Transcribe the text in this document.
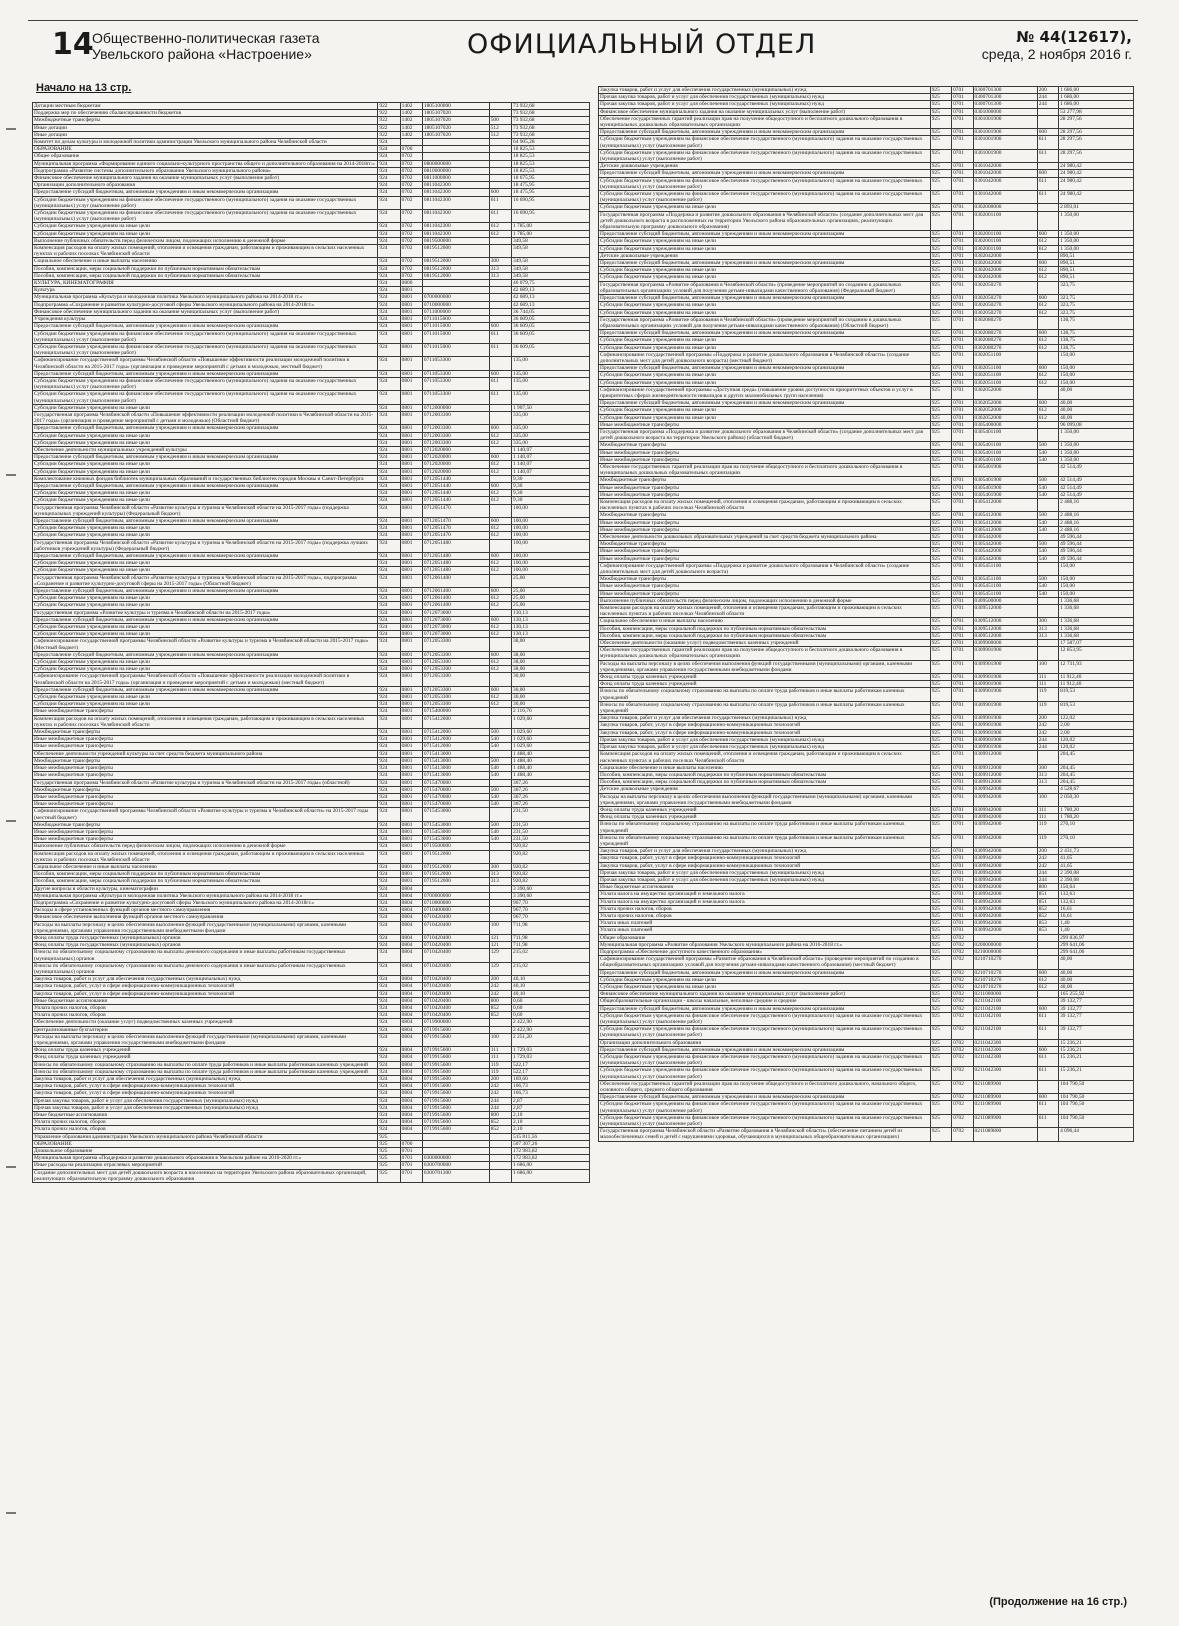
14
Общественно-политическая газета
Увельского района «Настроение»	ОФИЦИАЛЬНЫЙ ОТДЕЛ	№ 44(12617),
среда, 2 ноября 2016 г.
Начало на 13 стр.
Дотации местным бюджетам	922	1402	1805100000		73 932,68
Поддержка мер по обеспечению сбалансированности бюджетов	922	1402	1805107020		73 932,68
Межбюджетные трансферты	922	1402	1805107020	500	73 932,68
Иные дотации	922	1402	1805107020	512	73 932,68
Иные дотации	922	1402	1805107020	512	73 932,68
Комитет по делам культуры и молодежной политики администрации Увельского муниципального района Челябинской области	924				64 905,28
ОБРАЗОВАНИЕ	924	0700			18 825,53
Общее образование	924	0702			18 825,53
Муниципальная программа «Формирование единого социально-культурного пространства общего и дополнительного образования на 2014-2018гг.»	924	0702	0800000000		18 825,53
Подпрограмма «Развитие системы дополнительного образования Увельского муниципального района»	924	0702	0810000000		18 825,53
Финансовое обеспечение муниципального задания на оказание муниципальных услуг (выполнение работ)	924	0702	0811000000		18 675,95
Организации дополнительного образования	924	0702	0811042300		18 475,95
Предоставление субсидий бюджетным, автономным учреждениям и иным некоммерческим организациям	924	0702	0811042300	600	18 475,95
Субсидии бюджетным учреждениям на финансовое обеспечение государственного (муниципального) задания на оказание государственных (муниципальных) услуг (выполнение работ)	924	0702	0811042300	611	16 690,95
Субсидии бюджетным учреждениям на финансовое обеспечение государственного (муниципального) задания на оказание государственных (муниципальных) услуг (выполнение работ)	924	0702	0811042300	611	16 690,95
Субсидии бюджетным учреждениям на иные цели	924	0702	0811042300	612	1 785,00
Субсидии бюджетным учреждениям на иные цели	924	0702	0811042300	612	1 785,00
Выполнение публичных обязательств перед физическим лицом, подлежащих исполнению в денежной форме	924	0702	0819500000		349,58
Компенсация расходов на оплату жилых помещений, отопления и освещения гражданам, работающим и проживающим в сельских населенных пунктах и рабочих поселках Челябинской области	924	0702	0819512000		349,58
Социальное обеспечение и иные выплаты населению	924	0702	0819512000	300	349,58
Пособия, компенсации, меры социальной поддержки по публичным нормативным обязательствам	924	0702	0819512000	313	349,58
Пособия, компенсации, меры социальной поддержки по публичным нормативным обязательствам	924	0702	0819512000	313	349,58
КУЛЬТУРА, КИНЕМАТОГРАФИЯ	924	0800			46 079,75
Культура	924	0801			42 689,13
Муниципальная программа «Культура и молодежная политика Увельского муниципального района на 2014-2018 гг.»	924	0801	0700000000		42 689,13
Подпрограмма «Сохранение и развитие культурно-досуговой сферы Увельского муниципального района на 2014-2018гг.»	924	0801	0710000000		42 689,13
Финансовое обеспечение муниципального задания на оказание муниципальных услуг (выполнение работ)	924	0801	0711000000		36 744,05
Учреждения культуры	924	0801	0711015000		36 609,05
Предоставление субсидий бюджетным, автономным учреждениям и иным некоммерческим организациям	924	0801	0711015000	600	36 609,05
Субсидии бюджетным учреждениям на финансовое обеспечение государственного (муниципального) задания на оказание государственных (муниципальных) услуг (выполнение работ)	924	0801	0711015000	611	36 609,05
Субсидии бюджетным учреждениям на финансовое обеспечение государственного (муниципального) задания на оказание государственных (муниципальных) услуг (выполнение работ)	924	0801	0711015000	611	36 609,05
Софинансирование государственной программы Челябинской области «Повышение эффективности реализации молодежной политики в Челябинской области на 2015-2017 годы» (организация и проведение мероприятий с детьми и молодежью, местный бюджет)	924	0801	0711053300		135,00
Предоставление субсидий бюджетным, автономным учреждениям и иным некоммерческим организациям	924	0801	0711053300	600	135,00
Субсидии бюджетным учреждениям на финансовое обеспечение государственного (муниципального) задания на оказание государственных (муниципальных) услуг (выполнение работ)	924	0801	0711053300	611	135,00
Субсидии бюджетным учреждениям на финансовое обеспечение государственного (муниципального) задания на оказание государственных (муниципальных) услуг (выполнение работ)	924	0801	0711053300	611	135,00
Субсидии бюджетным учреждениям на иные цели	924	0801	0712000000		1 907,50
Государственная программа Челябинской области «Повышение эффективности реализации молодежной политики в Челябинской области на 2015-2017 годы» (организация и проведение мероприятий с детьми и молодежью) (Областной бюджет)	924	0801	0712003300		335,00
Предоставление субсидий бюджетным, автономным учреждениям и иным некоммерческим организациям	924	0801	0712003300	600	335,00
Субсидии бюджетным учреждениям на иные цели	924	0801	0712003300	612	335,00
Субсидии бюджетным учреждениям на иные цели	924	0801	0712003300	612	335,00
Обеспечение деятельности муниципальных учреждений культуры	924	0801	0712020000		1 140,07
Предоставление субсидий бюджетным, автономным учреждениям и иным некоммерческим организациям	924	0801	0712020000	600	1 140,07
Субсидии бюджетным учреждениям на иные цели	924	0801	0712020000	612	1 140,07
Субсидии бюджетным учреждениям на иные цели	924	0801	0712020000	612	1 140,07
Комплектование книжных фондов библиотек муниципальных образований и государственных библиотек городов Москвы и Санкт-Петербурга	924	0801	0712051440		9,30
Предоставление субсидий бюджетным, автономным учреждениям и иным некоммерческим организациям	924	0801	0712051440	600	9,30
Субсидии бюджетным учреждениям на иные цели	924	0801	0712051440	612	9,30
Субсидии бюджетным учреждениям на иные цели	924	0801	0712051440	612	9,30
Государственная программа Челябинской области «Развитие культуры и туризма в Челябинской области на 2015-2017 годы» (поддержка муниципальных учреждений культуры) (Федеральный бюджет)	924	0801	0712051470		100,00
Предоставление субсидий бюджетным, автономным учреждениям и иным некоммерческим организациям	924	0801	0712051470	600	100,00
Субсидии бюджетным учреждениям на иные цели	924	0801	0712051470	612	100,00
Субсидии бюджетным учреждениям на иные цели	924	0801	0712051470	612	100,00
Государственная программа Челябинской области «Развитие культуры и туризма в Челябинской области на 2015-2017 годы» (поддержка лучших работников учреждений культуры) (Федеральный бюджет)	924	0801	0712051480		100,00
Предоставление субсидий бюджетным, автономным учреждениям и иным некоммерческим организациям	924	0801	0712051480	600	100,00
Субсидии бюджетным учреждениям на иные цели	924	0801	0712051480	612	100,00
Субсидии бюджетным учреждениям на иные цели	924	0801	0712051480	612	100,00
Государственная программа Челябинской области «Развитие культуры и туризма в Челябинской области на 2015-2017 годы», подпрограмма «Сохранение и развитие культурно-досуговой сферы на 2015-2017 годы» (Областной бюджет)	924	0801	0712061400		25,00
Предоставление субсидий бюджетным, автономным учреждениям и иным некоммерческим организациям	924	0801	0712061400	600	25,00
Субсидии бюджетным учреждениям на иные цели	924	0801	0712061400	612	25,00
Субсидии бюджетным учреждениям на иные цели	924	0801	0712061400	612	25,00
Государственная программа «Развитие культуры и туризма в Челябинской области на 2015-2017 годы»	924	0801	0712073000		130,13
Предоставление субсидий бюджетным, автономным учреждениям и иным некоммерческим организациям	924	0801	0712073000	600	130,13
Субсидии бюджетным учреждениям на иные цели	924	0801	0712073000	612	130,13
Субсидии бюджетным учреждениям на иные цели	924	0801	0712073000	612	130,13
Софинансирование государственной программы Челябинской области «Развитие культуры и туризма в Челябинской области на 2015-2017 годы» (Местный бюджет)	924	0801	0712053300		38,00
Предоставление субсидий бюджетным, автономным учреждениям и иным некоммерческим организациям	924	0801	0712053300	600	38,00
Субсидии бюджетным учреждениям на иные цели	924	0801	0712053300	612	38,00
Субсидии бюджетным учреждениям на иные цели	924	0801	0712053300	612	38,00
Софинансирование государственной программы Челябинской области «Повышение эффективности реализации молодежной политики в Челябинской области на 2015-2017 годы» (организация и проведение мероприятий с детьми и молодежью) (местный бюджет)	924	0801	0712053300		30,00
Предоставление субсидий бюджетным, автономным учреждениям и иным некоммерческим организациям	924	0801	0712053300	600	30,00
Субсидии бюджетным учреждениям на иные цели	924	0801	0712053300	612	30,00
Субсидии бюджетным учреждениям на иные цели	924	0801	0712053300	612	30,00
Иные межбюджетные трансферты	924	0801	0715400000		2 116,76
Компенсация расходов на оплату жилых помещений, отопления и освещения гражданам, работающим и проживающим в сельских населенных пунктах и рабочих поселках Челябинской области	924	0801	0715412000		1 029,60
Межбюджетные трансферты	924	0801	0715412000	500	1 029,60
Иные межбюджетные трансферты	924	0801	0715412000	540	1 029,60
Иные межбюджетные трансферты	924	0801	0715412000	540	1 029,60
Обеспечение деятельности учреждений культуры за счет средств бюджета муниципального района	924	0801	0715413000		1 488,40
Межбюджетные трансферты	924	0801	0715413000	500	1 488,40
Иные межбюджетные трансферты	924	0801	0715413000	540	1 488,40
Иные межбюджетные трансферты	924	0801	0715413000	540	1 488,40
Государственная программа Челябинской области «Развитие культуры и туризма в Челябинской области на 2015-2017 годы» (областной)	924	0801	0715470000		367,26
Межбюджетные трансферты	924	0801	0715470000	500	367,26
Иные межбюджетные трансферты	924	0801	0715470000	540	367,26
Иные межбюджетные трансферты	924	0801	0715470000	540	367,26
Софинансирование государственной программы Челябинской области «Развитие культуры и туризма в Челябинской области» на 2015-2017 годы (местный бюджет)	924	0801	0715453000		231,50
Межбюджетные трансферты	924	0801	0715453000	500	231,50
Иные межбюджетные трансферты	924	0801	0715453000	540	231,50
Иные межбюджетные трансферты	924	0801	0715453000	540	231,50
Выполнение публичных обязательств перед физическим лицом, подлежащих исполнению в денежной форме	924	0801	0719500000		920,82
Компенсация расходов на оплату жилых помещений, отопления и освещения гражданам, работающим и проживающим в сельских населенных пунктах и рабочих поселках Челябинской области	924	0801	0719512000		920,82
Социальное обеспечение и иные выплаты населению	924	0801	0719512000	300	920,82
Пособия, компенсации, меры социальной поддержки по публичным нормативным обязательствам	924	0801	0719512000	313	920,82
Пособия, компенсации, меры социальной поддержки по публичным нормативным обязательствам	924	0801	0719512000	313	920,82
Другие вопросы в области культуры, кинематографии	924	0804			3 390,60
Муниципальная программа «Культура и молодежная политика Увельского муниципального района на 2014-2018 гг.»	924	0804	0700000000		3 390,60
Подпрограмма «Сохранение и развитие культурно-досуговой сферы Увельского муниципального района на 2014-2018гг.»	924	0804	0710000000		967,70
Расходы в сфере установленных функций органов местного самоуправления	924	0804	0710400000		967,70
Финансовое обеспечение выполнения функций органов местного самоуправления	924	0804	0710420400		967,70
Расходы на выплаты персоналу в целях обеспечения выполнения функций государственными (муниципальными) органами, казенными учреждениями, органами управления государственными внебюджетными фондами	924	0804	0710420400	100	711,98
Фонд оплаты труда государственных (муниципальных) органов	924	0804	0710420400	121	711,98
Фонд оплаты труда государственных (муниципальных) органов	924	0804	0710420400	121	711,98
Взносы по обязательному социальному страхованию на выплаты денежного содержания и иные выплаты работникам государственных (муниципальных) органов	924	0804	0710420400	129	215,02
Взносы по обязательному социальному страхованию на выплаты денежного содержания и иные выплаты работникам государственных (муниципальных) органов	924	0804	0710420400	129	215,02
Закупка товаров, работ и услуг для обеспечения государственных (муниципальных) нужд	924	0804	0710420400	200	40,10
Закупка товаров, работ, услуг в сфере информационно-коммуникационных технологий	924	0804	0710420400	242	40,10
Закупка товаров, работ, услуг в сфере информационно-коммуникационных технологий	924	0804	0710420400	242	40,10
Иные бюджетные ассигнования	924	0804	0710420400	800	0,60
Уплата прочих налогов, сборов	924	0804	0710420400	852	0,60
Уплата прочих налогов, сборов	924	0804	0710420400	852	0,60
Обеспечение деятельности (оказание услуг) подведомственных казенных учреждений	924	0804	0719900000		2 422,90
Централизованные бухгалтерии	924	0804	0719915600		2 422,90
Расходы на выплаты персоналу в целях обеспечения выполнения функций государственными (муниципальными) органами, казенными учреждениями, органами управления государственными внебюджетными фондами	924	0804	0719915600	100	2 251,20
Фонд оплаты труда казенных учреждений	924	0804	0719915600	111	1 729,03
Фонд оплаты труда казенных учреждений	924	0804	0719915600	111	1 729,03
Взносы по обязательному социальному страхованию на выплаты по оплате труда работников и иные выплаты работникам казенных учреждений	924	0804	0719915600	119	522,17
Взносы по обязательному социальному страхованию на выплаты по оплате труда работников и иные выплаты работникам казенных учреждений	924	0804	0719915600	119	522,17
Закупка товаров, работ и услуг для обеспечения государственных (муниципальных) нужд	924	0804	0719915600	200	169,60
Закупка товаров, работ, услуг в сфере информационно-коммуникационных технологий	924	0804	0719915600	242	166,73
Закупка товаров, работ, услуг в сфере информационно-коммуникационных технологий	924	0804	0719915600	242	166,73
Прочая закупка товаров, работ и услуг для обеспечения государственных (муниципальных) нужд	924	0804	0719915600	244	2,87
Прочая закупка товаров, работ и услуг для обеспечения государственных (муниципальных) нужд	924	0804	0719915600	244	2,87
Иные бюджетные ассигнования	924	0804	0719915600	800	2,10
Уплата прочих налогов, сборов	924	0804	0719915600	852	2,10
Уплата прочих налогов, сборов	924	0804	0719915600	852	2,10
Управление образования администрации Увельского муниципального района Челябинской области	925				515 811,56
ОБРАЗОВАНИЕ	925	0700			507 307,26
Дошкольное образование	925	0701			172 983,82
Муниципальная программа «Поддержка и развитие дошкольного образования в Увельском районе на 2016-2020 гг.»	925	0701	0300000000		172 983,82
Иные расходы на реализацию отраслевых мероприятий	925	0701	0300700000		1 686,00
Создание дополнительных мест для детей дошкольного возраста в населенных на территории Увельского района образовательных организаций, реализующих образовательную программу дошкольного образования	925	0701	0300701300		1 686,00
Закупка товаров, работ и услуг для обеспечения государственных (муниципальных) нужд	925	0701	0300701300	200	1 686,00
Прочая закупка товаров, работ и услуг для обеспечения государственных (муниципальных) нужд	925	0701	0300701300	244	1 686,00
Прочая закупка товаров, работ и услуг для обеспечения государственных (муниципальных) нужд	925	0701	0300701300	244	1 686,00
Финансовое обеспечение муниципального задания на оказание муниципальных услуг (выполнение работ)	925	0701	0301000000		53 277,98
Обеспечение государственных гарантий реализации прав на получение общедоступного и бесплатного дошкольного образования в муниципальных дошкольных образовательных организациях	925	0701	0301001900		28 297,56
Предоставление субсидий бюджетным, автономным учреждениям и иным некоммерческим организациям	925	0701	0301001900	600	28 297,56
Субсидии бюджетным учреждениям на финансовое обеспечение государственного (муниципального) задания на оказание государственных (муниципальных) услуг (выполнение работ)	925	0701	0301001900	611	28 297,56
Субсидии бюджетным учреждениям на финансовое обеспечение государственного (муниципального) задания на оказание государственных (муниципальных) услуг (выполнение работ)	925	0701	0301001900	611	28 297,56
Детские дошкольные учреждения	925	0701	0301042000		24 980,42
Предоставление субсидий бюджетным, автономным учреждениям и иным некоммерческим организациям	925	0701	0301042000	600	24 980,42
Субсидии бюджетным учреждениям на финансовое обеспечение государственного (муниципального) задания на оказание государственных (муниципальных) услуг (выполнение работ)	925	0701	0301042000	611	24 980,42
Субсидии бюджетным учреждениям на финансовое обеспечение государственного (муниципального) задания на оказание государственных (муниципальных) услуг (выполнение работ)	925	0701	0301042000	611	24 980,42
Субсидии бюджетным учреждениям на иные цели	925	0701	0302000000		2 893,01
Государственная программа «Поддержка и развитие дошкольного образования в Челябинской области» (создание дополнительных мест для детей дошкольного возраста в расположенных на территории Увельского района образовательных организациях, реализующих образовательную программу дошкольного образования)	925	0701	0302001100		1 350,00
Предоставление субсидий бюджетным, автономным учреждениям и иным некоммерческим организациям	925	0701	0302001100	600	1 350,00
Субсидии бюджетным учреждениям на иные цели	925	0701	0302001100	612	1 350,00
Субсидии бюджетным учреждениям на иные цели	925	0701	0302001100	612	1 350,00
Детские дошкольные учреждения	925	0701	0302042000		890,51
Предоставление субсидий бюджетным, автономным учреждениям и иным некоммерческим организациям	925	0701	0302042000	600	890,51
Субсидии бюджетным учреждениям на иные цели	925	0701	0302042000	612	890,51
Субсидии бюджетным учреждениям на иные цели	925	0701	0302042000	612	890,51
Государственная программа «Развитие образования в Челябинской области» (проведение мероприятий по созданию в дошкольных образовательных организациях условий для получения детьми-инвалидами качественного образования) (Федеральный бюджет)	925	0701	0302050270		323,75
Предоставление субсидий бюджетным, автономным учреждениям и иным некоммерческим организациям	925	0701	0302050270	600	323,75
Субсидии бюджетным учреждениям на иные цели	925	0701	0302050270	612	323,75
Субсидии бюджетным учреждениям на иные цели	925	0701	0302050270	612	323,75
Государственная программа «Развитие образования в Челябинской области» (проведение мероприятий по созданию в дошкольных образовательных организациях условий для получения детьми-инвалидами качественного образования) (Областной бюджет)	925	0701	0302080270		138,75
Предоставление субсидий бюджетным, автономным учреждениям и иным некоммерческим организациям	925	0701	0302080270	600	138,75
Субсидии бюджетным учреждениям на иные цели	925	0701	0302080270	612	138,75
Субсидии бюджетным учреждениям на иные цели	925	0701	0302080270	612	138,75
Софинансирование государственной программы «Поддержка и развитие дошкольного образования в Челябинской области» (создание дополнительных мест для детей дошкольного возраста) (местный бюджет)	925	0701	0302051100		150,00
Предоставление субсидий бюджетным, автономным учреждениям и иным некоммерческим организациям	925	0701	0302051100	600	150,00
Субсидии бюджетным учреждениям на иные цели	925	0701	0302051100	612	150,00
Субсидии бюджетным учреждениям на иные цели	925	0701	0302051100	612	150,00
Софинансирование государственной программы «Доступная среда» (повышение уровня доступности приоритетных объектов и услуг в приоритетных сферах жизнедеятельности инвалидов и других маломобильных групп населения)	925	0701	0302052000		40,00
Предоставление субсидий бюджетным, автономным учреждениям и иным некоммерческим организациям	925	0701	0302052000	600	40,00
Субсидии бюджетным учреждениям на иные цели	925	0701	0302052000	612	40,00
Субсидии бюджетным учреждениям на иные цели	925	0701	0302052000	612	40,00
Иные межбюджетные трансферты	925	0701	0305400000		96 099,08
Государственная программа «Поддержка и развитие дошкольного образования в Челябинской области» (создание дополнительных мест для детей дошкольного возраста на территории Увельского района) (областной бюджет)	925	0701	0305401100		1 350,00
Межбюджетные трансферты	925	0701	0305401100	500	1 350,00
Иные межбюджетные трансферты	925	0701	0305401100	540	1 350,00
Иные межбюджетные трансферты	925	0701	0305401100	540	1 350,00
Обеспечение государственных гарантий реализации прав на получение общедоступного и бесплатного дошкольного образования в муниципальных дошкольных образовательных организациях	925	0701	0305401900		42 514,49
Межбюджетные трансферты	925	0701	0305401900	500	42 514,49
Иные межбюджетные трансферты	925	0701	0305401900	540	42 514,49
Иные межбюджетные трансферты	925	0701	0305401900	540	42 514,49
Компенсация расходов на оплату жилых помещений, отопления и освещения гражданам, работающим и проживающим в сельских населенных пунктах и рабочих поселках Челябинской области	925	0701	0305412000		2 488,16
Межбюджетные трансферты	925	0701	0305412000	500	2 488,16
Иные межбюджетные трансферты	925	0701	0305412000	540	2 488,16
Иные межбюджетные трансферты	925	0701	0305412000	540	2 488,16
Обеспечение деятельности дошкольных образовательных учреждений за счет средств бюджета муниципального района	925	0701	0305442000		49 596,44
Межбюджетные трансферты	925	0701	0305442000	500	49 596,44
Иные межбюджетные трансферты	925	0701	0305442000	540	49 596,44
Иные межбюджетные трансферты	925	0701	0305442000	540	49 596,44
Софинансирование государственной программы «Поддержка и развитие дошкольного образования в Челябинской области» (создание дополнительных мест для детей дошкольного возраста)	925	0701	0305451100		150,00
Межбюджетные трансферты	925	0701	0305451100	500	150,00
Иные межбюджетные трансферты	925	0701	0305451100	540	150,00
Иные межбюджетные трансферты	925	0701	0305451100	540	150,00
Выполнение публичных обязательств перед физическим лицом, подлежащих исполнению в денежной форме	925	0701	0309500000		1 336,68
Компенсация расходов на оплату жилых помещений, отопления и освещения гражданам, работающим и проживающим в сельских населенных пунктах и рабочих поселках Челябинской области	925	0701	0309512000		1 336,68
Социальное обеспечение и иные выплаты населению	925	0701	0309512000	300	1 336,68
Пособия, компенсации, меры социальной поддержки по публичным нормативным обязательствам	925	0701	0309512000	313	1 336,68
Пособия, компенсации, меры социальной поддержки по публичным нормативным обязательствам	925	0701	0309512000	313	1 336,68
Обеспечение деятельности (оказание услуг) подведомственных казенных учреждений	925	0701	0309900000		17 587,07
Обеспечение государственных гарантий реализации прав на получение общедоступного и бесплатного дошкольного образования в муниципальных дошкольных образовательных организациях	925	0701	0309901900		12 853,95
Расходы на выплаты персоналу в целях обеспечения выполнения функций государственными (муниципальными) органами, казенными учреждениями, органами управления государственными внебюджетными фондами	925	0701	0309901900	100	12 731,93
Фонд оплаты труда казенных учреждений	925	0701	0309901900	111	11 912,40
Фонд оплаты труда казенных учреждений	925	0701	0309901900	111	11 912,40
Взносы по обязательному социальному страхованию на выплаты по оплате труда работников и иные выплаты работникам казенных учреждений	925	0701	0309901900	119	819,53
Взносы по обязательному социальному страхованию на выплаты по оплате труда работников и иные выплаты работникам казенных учреждений	925	0701	0309901900	119	819,53
Закупка товаров, работ и услуг для обеспечения государственных (муниципальных) нужд	925	0701	0309901900	200	122,02
Закупка товаров, работ, услуг в сфере информационно-коммуникационных технологий	925	0701	0309901900	242	2,00
Закупка товаров, работ, услуг в сфере информационно-коммуникационных технологий	925	0701	0309901900	242	2,00
Прочая закупка товаров, работ и услуг для обеспечения государственных (муниципальных) нужд	925	0701	0309901900	244	120,02
Прочая закупка товаров, работ и услуг для обеспечения государственных (муниципальных) нужд	925	0701	0309901900	244	120,02
Компенсация расходов на оплату жилых помещений, отопления и освещения гражданам, работающим и проживающим в сельских населенных пунктах и рабочих поселках Челябинской области	925	0701	0309912000		204,45
Социальное обеспечение и иные выплаты населению	925	0701	0309912000	300	204,45
Пособия, компенсации, меры социальной поддержки по публичным нормативным обязательствам	925	0701	0309912000	313	204,45
Пособия, компенсации, меры социальной поддержки по публичным нормативным обязательствам	925	0701	0309912000	313	204,45
Детские дошкольные учреждения	925	0701	0309942000		4 528,67
Расходы на выплаты персоналу в целях обеспечения выполнения функций государственными (муниципальными) органами, казенными учреждениями, органами управления государственными внебюджетными фондами	925	0701	0309942000	100	2 050,30
Фонд оплаты труда казенных учреждений	925	0701	0309942000	111	1 780,20
Фонд оплаты труда казенных учреждений	925	0701	0309942000	111	1 780,20
Взносы по обязательному социальному страхованию на выплаты по оплате труда работников и иные выплаты работникам казенных учреждений	925	0701	0309942000	119	270,10
Взносы по обязательному социальному страхованию на выплаты по оплате труда работников и иные выплаты работникам казенных учреждений	925	0701	0309942000	119	270,10
Закупка товаров, работ и услуг для обеспечения государственных (муниципальных) нужд	925	0701	0309942000	200	2 431,73
Закупка товаров, работ, услуг в сфере информационно-коммуникационных технологий	925	0701	0309942000	242	41,65
Закупка товаров, работ, услуг в сфере информационно-коммуникационных технологий	925	0701	0309942000	242	41,65
Прочая закупка товаров, работ и услуг для обеспечения государственных (муниципальных) нужд	925	0701	0309942000	244	2 390,08
Прочая закупка товаров, работ и услуг для обеспечения государственных (муниципальных) нужд	925	0701	0309942000	244	2 390,08
Иные бюджетные ассигнования	925	0701	0309942000	800	150,64
Уплата налога на имущество организаций и земельного налога	925	0701	0309942000	851	132,63
Уплата налога на имущество организаций и земельного налога	925	0701	0309942000	851	132,63
Уплата прочих налогов, сборов	925	0701	0309942000	852	16,61
Уплата прочих налогов, сборов	925	0701	0309942000	852	16,61
Уплата иных платежей	925	0701	0309942000	853	1,40
Уплата иных платежей	925	0701	0309942000	853	1,40
Общее образование	925	0702			299 836,97
Муниципальная программа «Развитие образования Увельского муниципального района на 2016-2018 гг.»	925	0702	0200000000		299 641,06
Подпрограмма «Обеспечение доступного качественного образования»	925	0702	0210000000		299 641,06
Софинансирование государственной программы «Развитие образования в Челябинской области» (проведение мероприятий по созданию в общеобразовательных организациях условий для получения детьми-инвалидами качественного образования) (местный бюджет)	925	0702	0210710270		40,00
Предоставление субсидий бюджетным, автономным учреждениям и иным некоммерческим организациям	925	0702	0210710270	600	40,00
Субсидии бюджетным учреждениям на иные цели	925	0702	0210710270	612	40,00
Субсидии бюджетным учреждениям на иные цели	925	0702	0210710270	612	40,00
Финансовое обеспечение муниципального задания на оказание муниципальных услуг (выполнение работ)	925	0702	0211000000		165 255,92
Общеобразовательные организации - школы начальные, неполные средние и средние	925	0702	0211042100		39 132,77
Предоставление субсидий бюджетным, автономным учреждениям и иным некоммерческим организациям	925	0702	0211042100	600	39 132,77
Субсидии бюджетным учреждениям на финансовое обеспечение государственного (муниципального) задания на оказание государственных (муниципальных) услуг (выполнение работ)	925	0702	0211042100	611	39 132,77
Субсидии бюджетным учреждениям на финансовое обеспечение государственного (муниципального) задания на оказание государственных (муниципальных) услуг (выполнение работ)	925	0702	0211042100	611	39 132,77
Организации дополнительного образования	925	0702	0211042300		15 236,21
Предоставление субсидий бюджетным, автономным учреждениям и иным некоммерческим организациям	925	0702	0211042300	600	15 236,21
Субсидии бюджетным учреждениям на финансовое обеспечение государственного (муниципального) задания на оказание государственных (муниципальных) услуг (выполнение работ)	925	0702	0211042300	611	15 236,21
Субсидии бюджетным учреждениям на финансовое обеспечение государственного (муниципального) задания на оказание государственных (муниципальных) услуг (выполнение работ)	925	0702	0211042300	611	15 236,21
Обеспечение государственных гарантий реализации прав на получение общедоступного и бесплатного дошкольного, начального общего, основного общего, среднего общего образования	925	0702	0211089900		104 790,50
Предоставление субсидий бюджетным, автономным учреждениям и иным некоммерческим организациям	925	0702	0211089900	600	104 790,50
Субсидии бюджетным учреждениям на финансовое обеспечение государственного (муниципального) задания на оказание государственных (муниципальных) услуг (выполнение работ)	925	0702	0211089900	611	104 790,50
Субсидии бюджетным учреждениям на финансовое обеспечение государственного (муниципального) задания на оказание государственных (муниципальных) услуг (выполнение работ)	925	0702	0211089900	611	104 790,50
Государственная программа Челябинской области «Развитие образования в Челябинской области» (обеспечение питанием детей из малообеспеченных семей и детей с нарушениями здоровья, обучающихся в муниципальных общеобразовательных организациях)	925	0702	0211089800		4 096,44
(Продолжение на 16 стр.)
